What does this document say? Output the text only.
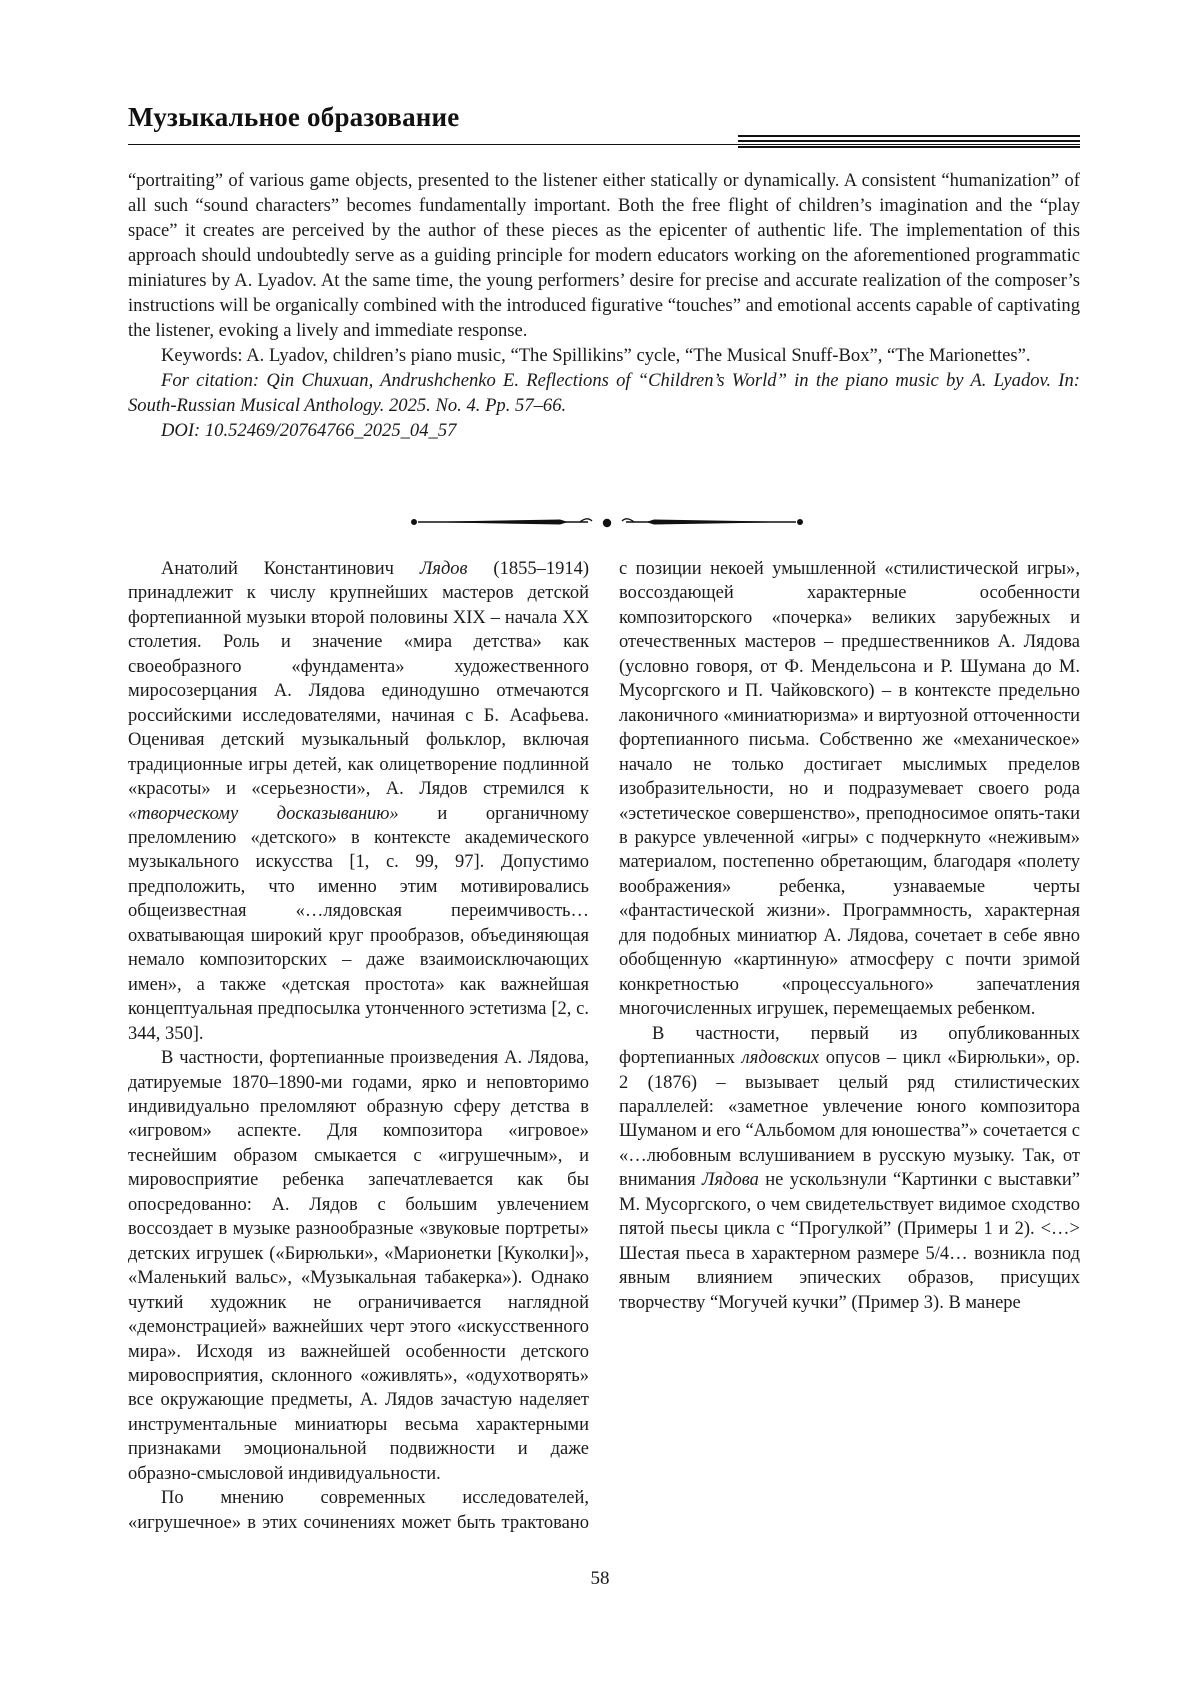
Музыкальное образование

“portraiting” of various game objects, presented to the listener either statically or dynamically. A consistent “humanization” of all such “sound characters” becomes fundamentally important. Both the free flight of children’s imagination and the “play space” it creates are perceived by the author of these pieces as the epicenter of authentic life. The implementation of this approach should undoubtedly serve as a guiding principle for modern educators working on the aforementioned programmatic miniatures by A. Lyadov. At the same time, the young performers’ desire for precise and accurate realization of the composer’s instructions will be organically combined with the introduced figurative “touches” and emotional accents capable of captivating the listener, evoking a lively and immediate response.

Keywords: A. Lyadov, children’s piano music, “The Spillikins” cycle, “The Musical Snuff-Box”, “The Marionettes”.

For citation: Qin Chuxuan, Andrushchenko E. Reflections of “Children’s World” in the piano music by A. Lyadov. In: South-Russian Musical Anthology. 2025. No. 4. Pp. 57–66.

DOI: 10.52469/20764766_2025_04_57

Анатолий Константинович Лядов (1855–1914) принадлежит к числу крупнейших мастеров детской фортепианной музыки второй половины XIX – начала XX столетия. Роль и значение «мира детства» как своеобразного «фундамента» художественного миросозерцания А. Лядова единодушно отмечаются российскими исследователями, начиная с Б. Асафьева. Оценивая детский музыкальный фольклор, включая традиционные игры детей, как олицетворение подлинной «красоты» и «серьезности», А. Лядов стремился к «творческому досказыванию» и органичному преломлению «детского» в контексте академического музыкального искусства [1, с. 99, 97]. Допустимо предположить, что именно этим мотивировались общеизвестная «…лядовская переимчивость… охватывающая широкий круг прообразов, объединяющая немало композиторских – даже взаимоисключающих имен», а также «детская простота» как важнейшая концептуальная предпосылка утонченного эстетизма [2, с. 344, 350].

В частности, фортепианные произведения А. Лядова, датируемые 1870–1890-ми годами, ярко и неповторимо индивидуально преломляют образную сферу детства в «игровом» аспекте. Для композитора «игровое» теснейшим образом смыкается с «игрушечным», и мировосприятие ребенка запечатлевается как бы опосредованно: А. Лядов с большим увлечением воссоздает в музыке разнообразные «звуковые портреты» детских игрушек («Бирюльки», «Марионетки [Куколки]», «Маленький вальс», «Музыкальная табакерка»). Однако чуткий художник не ограничивается наглядной «демонстрацией» важнейших черт этого «искусственного мира». Исходя из важнейшей особенности детского мировосприятия, склонного «оживлять», «одухотворять» все окружающие предметы, А. Лядов зачастую наделяет инструментальные миниатюры весьма характерными признаками эмоциональной подвижности и даже образно-смысловой индивидуальности.

По мнению современных исследователей, «игрушечное» в этих сочинениях может быть трактовано с позиции некоей умышленной «стилистической игры», воссоздающей характерные особенности композиторского «почерка» великих зарубежных и отечественных мастеров – предшественников А. Лядова (условно говоря, от Ф. Мендельсона и Р. Шумана до М. Мусоргского и П. Чайковского) – в контексте предельно лаконичного «миниатюризма» и виртуозной отточенности фортепианного письма. Собственно же «механическое» начало не только достигает мыслимых пределов изобразительности, но и подразумевает своего рода «эстетическое совершенство», преподносимое опять-таки в ракурсе увлеченной «игры» с подчеркнуто «неживым» материалом, постепенно обретающим, благодаря «полету воображения» ребенка, узнаваемые черты «фантастической жизни». Программность, характерная для подобных миниатюр А. Лядова, сочетает в себе явно обобщенную «картинную» атмосферу с почти зримой конкретностью «процессуального» запечатления многочисленных игрушек, перемещаемых ребенком.

В частности, первый из опубликованных фортепианных лядовских опусов – цикл «Бирюльки», op. 2 (1876) – вызывает целый ряд стилистических параллелей: «заметное увлечение юного композитора Шуманом и его “Альбомом для юношества”» сочетается с «…любовным вслушиванием в русскую музыку. Так, от внимания Лядова не ускользнули “Картинки с выставки” М. Мусоргского, о чем свидетельствует видимое сходство пятой пьесы цикла с “Прогулкой” (Примеры 1 и 2). <…> Шестая пьеса в характерном размере 5/4… возникла под явным влиянием эпических образов, присущих творчеству “Могучей кучки” (Пример 3). В манере

58
